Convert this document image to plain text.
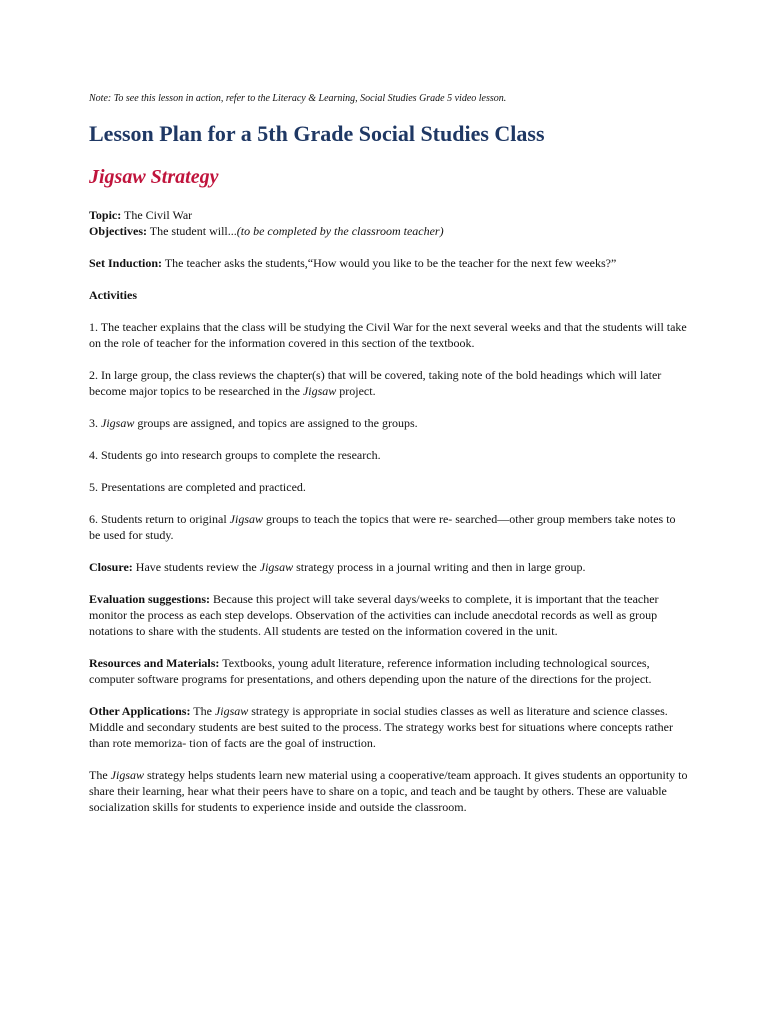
Note: To see this lesson in action, refer to the Literacy & Learning, Social Studies Grade 5 video lesson.

Lesson Plan for a 5th Grade Social Studies Class
Jigsaw Strategy

Topic: The Civil War

Objectives: The student will...(to be completed by the classroom teacher)

Set Induction: The teacher asks the students,“How would you like to be the teacher for the next few weeks?”

Activities

1. The teacher explains that the class will be studying the Civil War for the next several weeks and that the students will take on the role of teacher for the information covered in this section of the textbook.

2. In large group, the class reviews the chapter(s) that will be covered, taking note of the bold headings which will later become major topics to be researched in the Jigsaw project.

3. Jigsaw groups are assigned, and topics are assigned to the groups.

4. Students go into research groups to complete the research.

5. Presentations are completed and practiced.

6. Students return to original Jigsaw groups to teach the topics that were re- searched—other group members take notes to be used for study.

Closure: Have students review the Jigsaw strategy process in a journal writing and then in large group.

Evaluation suggestions: Because this project will take several days/weeks to complete, it is important that the teacher monitor the process as each step develops. Observation of the activities can include anecdotal records as well as group notations to share with the students. All students are tested on the information covered in the unit.

Resources and Materials: Textbooks, young adult literature, reference information including technological sources, computer software programs for presentations, and others depending upon the nature of the directions for the project.

Other Applications: The Jigsaw strategy is appropriate in social studies classes as well as literature and science classes. Middle and secondary students are best suited to the process. The strategy works best for situations where concepts rather than rote memoriza- tion of facts are the goal of instruction.

The Jigsaw strategy helps students learn new material using a cooperative/team approach. It gives students an opportunity to share their learning, hear what their peers have to share on a topic, and teach and be taught by others. These are valuable socialization skills for students to experience inside and outside the classroom.
